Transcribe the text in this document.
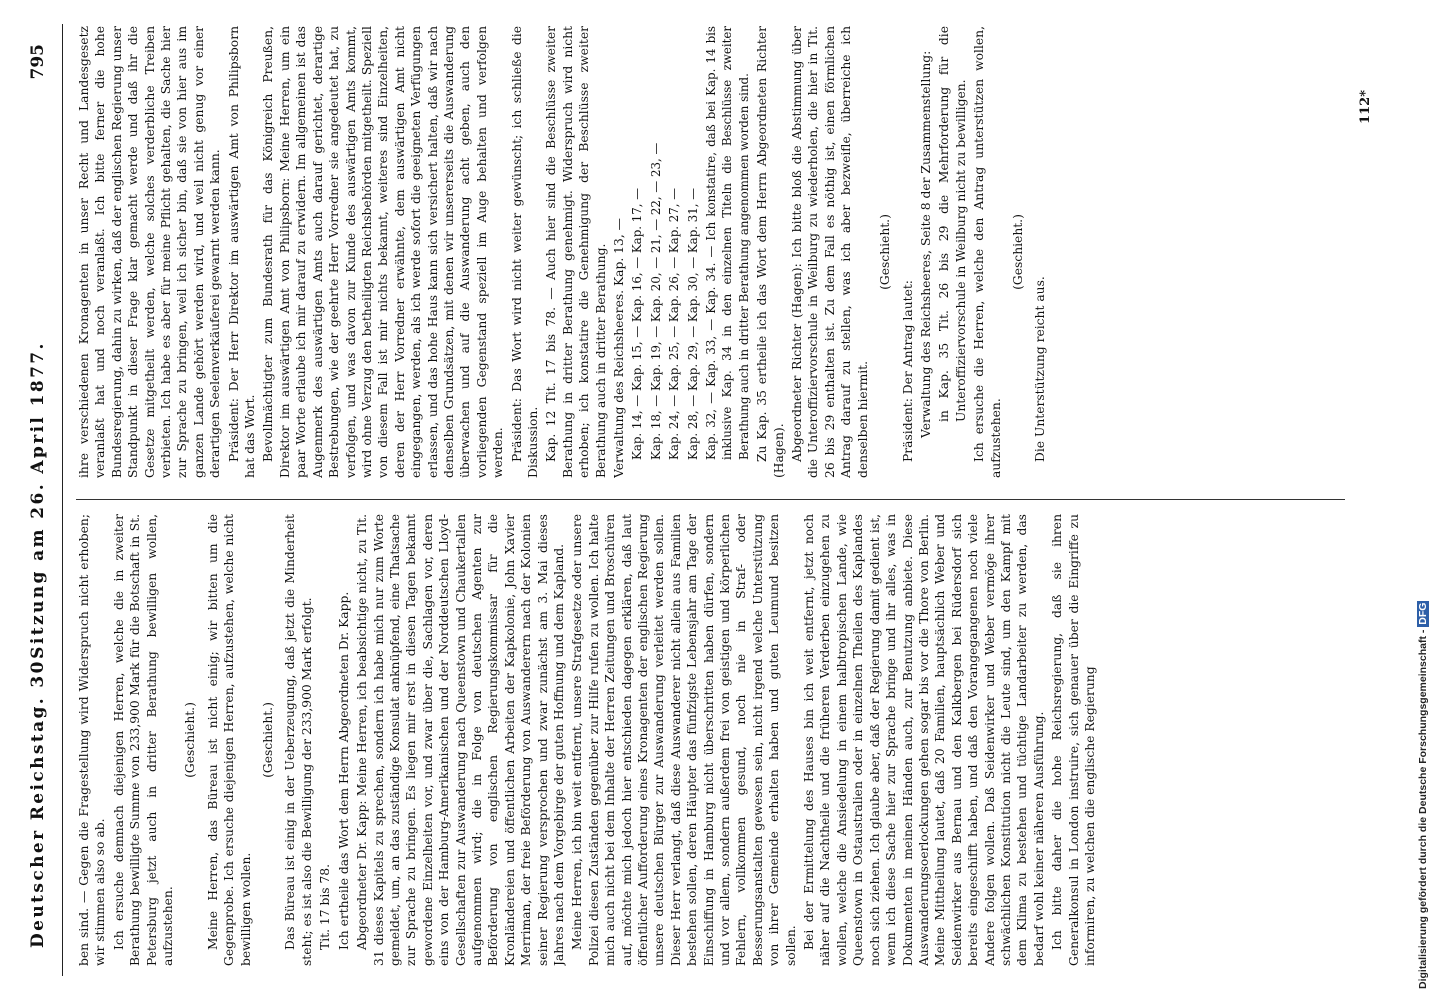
Deutscher Reichstag. 30.
Sitzung am 26. April 1877.
795

ben sind. — Gegen die Fragestellung wird Widerspruch nicht erhoben; wir stimmen also so ab. Ich ersuche demnach diejenigen Herren, welche die in zweiter Berathung bewilligte Summe von 233,900 Mark für die Botschaft in St. Petersburg jetzt auch in dritter Berathung bewilligen wollen, aufzustehen.

(Geschieht.) Meine Herren, das Büreau ist nicht einig; wir bitten um die Gegenprobe. Ich ersuche diejenigen Herren, aufzustehen, welche nicht bewilligen wollen.

(Geschieht.) Das Büreau ist einig in der Ueberzeugung, daß jetzt die Minderheit steht; es ist also die Bewilligung der 233,900 Mark erfolgt. Tit. 17 bis 78. Ich ertheile das Wort dem Herrn Abgeordneten Dr. Kapp. Abgeordneter Dr. Kapp: Meine Herren, ich beabsichtige nicht, zu Tit. 31 dieses Kapitels zu sprechen, sondern ich habe mich nur zum Worte gemeldet, um, an das zuständige Konsulat anknüpfend, eine Thatsache zur Sprache zu bringen. Es liegen mir erst in diesen Tagen bekannt gewordene Einzelheiten vor, und zwar über die, Sachlagen vor, deren eins von der Hamburg-Amerikanischen und der Norddeutschen Lloyd-Gesellschaften zur Auswanderung nach Queenstown und Chaukertallen aufgenommen wird; die in Folge von deutschen Agenten zur Beförderung von englischen Regierungskommissar für die Kronländereien und öffentlichen Arbeiten der Kapkolonie, John Xavier Merriman, der freie Beförderung von Auswanderern nach der Kolonien seiner Regierung versprochen und zwar zunächst am 3. Mai dieses Jahres nach dem Vorgebirge der guten Hoffnung und dem Kapland. Meine Herren, ich bin weit entfernt, unsere Strafgesetze oder unsere Polizei diesen Zuständen gegenüber zur Hilfe rufen zu wollen. Ich halte mich auch nicht bei dem Inhalte der Herren Zeitungen und Broschüren auf, möchte mich jedoch hier entschieden dagegen erklären, daß laut öffentlicher Aufforderung eines Kronagenten der englischen Regierung unsere deutschen Bürger zur Auswanderung verleitet werden sollen. Dieser Herr verlangt, daß diese Auswanderer nicht allein aus Familien bestehen sollen, deren Häupter das fünfzigste Lebensjahr am Tage der Einschiffung in Hamburg nicht überschritten haben dürfen, sondern und vor allem, sondern außerdem frei von geistigen und körperlichen Fehlern, vollkommen gesund, noch nie in Straf- oder Besserungsanstalten gewesen sein, nicht irgend welche Unterstützung von ihrer Gemeinde erhalten haben und guten Leumund besitzen sollen. Bei der Ermittelung des Hauses bin ich weit entfernt, jetzt noch näher auf die Nachtheile und die früheren Verderben einzugehen zu wollen, welche die Ansiedelung in einem halbtropischen Lande, wie Queenstown in Ostaustralien oder in einzelnen Theilen des Kaplandes noch sich ziehen. Ich glaube aber, daß der Regierung damit gedient ist, wenn ich diese Sache hier zur Sprache bringe und ihr alles, was in Dokumenten in meinen Händen auch, zur Benutzung anbiete. Diese Auswanderungsoerlockungen gehen sogar bis vor die Thore von Berlin. Meine Mittheilung lautet, daß 20 Familien, hauptsächlich Weber und Seidenwirker aus Bernau und den Kalkbergen bei Rüdersdorf sich bereits eingeschifft haben, und daß den Vorangegangenen noch viele Andere folgen wollen. Daß Seidenwirker und Weber vermöge ihrer schwächlichen Konstitution nicht die Leute sind, um den Kampf mit dem Klima zu bestehen und tüchtige Landarbeiter zu werden, das bedarf wohl keiner näheren Ausführung. Ich bitte daher die hohe Reichsregierung, daß sie ihren Generalkonsul in London instruire, sich genauer über die Eingriffe zu informiren, zu welchen die englische Regierung

ihre verschiedenen Kronagenten in unser Recht und Landesgesetz veranlaßt hat und noch veranlaßt. Ich bitte ferner die hohe Bundesregierung, dahin zu wirken, daß der englischen Regierung unser Standpunkt in dieser Frage klar gemacht werde und daß ihr die Gesetze mitgetheilt werden, welche solches verderbliche Treiben verbieten. Ich habe es aber für meine Pflicht gehalten, die Sache hier zur Sprache zu bringen, weil ich sicher bin, daß sie von hier aus im ganzen Lande gehört werden wird, und weil nicht genug vor einer derartigen Seelenverkäuferei gewarnt werden kann. Präsident: Der Herr Direktor im auswärtigen Amt von Philipsborn hat das Wort. Bevollmächtigter zum Bundesrath für das Königreich Preußen, Direktor im auswärtigen Amt von Philipsborn: Meine Herren, um ein paar Worte erlaube ich mir darauf zu erwidern. Im allgemeinen ist das Augenmerk des auswärtigen Amts auch darauf gerichtet, derartige Bestrebungen, wie der geehrte Herr Vorredner sie angedeutet hat, zu verfolgen, und was davon zur Kunde des auswärtigen Amts kommt, wird ohne Verzug den betheiligten Reichsbehörden mitgetheilt. Speziell von diesem Fall ist mir nichts bekannt, weiteres sind Einzelheiten, deren der Herr Vorredner erwähnte, dem auswärtigen Amt nicht eingegangen, werden, als ich werde sofort die geeigneten Verfügungen erlassen, und das hohe Haus kann sich versichert halten, daß wir nach denselben Grundsätzen, mit denen wir unsererseits die Auswanderung überwachen und auf die Auswanderung acht geben, auch den vorliegenden Gegenstand speziell im Auge behalten und verfolgen werden. Präsident: Das Wort wird nicht weiter gewünscht; ich schließe die Diskussion. Kap. 12 Tit. 17 bis 78. — Auch hier sind die Beschlüsse zweiter Berathung in dritter Berathung genehmigt. Widerspruch wird nicht erhoben; ich konstatire die Genehmigung der Beschlüsse zweiter Berathung auch in dritter Berathung. Verwaltung des Reichsheeres. Kap. 13, — Kap. 14, — Kap. 15, — Kap. 16, — Kap. 17, — Kap. 18, — Kap. 19, — Kap. 20, — 21, — 22, — 23, — Kap. 24, — Kap. 25, — Kap. 26, — Kap. 27, — Kap. 28, — Kap. 29, — Kap. 30, — Kap. 31, — Kap. 32, — Kap. 33, — Kap. 34. — Ich konstatire, daß bei Kap. 14 bis inklusive Kap. 34 in den einzelnen Titeln die Beschlüsse zweiter Berathung auch in dritter Berathung angenommen worden sind. Zu Kap. 35 ertheile ich das Wort dem Herrn Abgeordneten Richter (Hagen). Abgeordneter Richter (Hagen): Ich bitte bloß die Abstimmung über die Unteroffiziervorschule in Weilburg zu wiederholen, die hier in Tit. 26 bis 29 enthalten ist. Zu dem Fall es nöthig ist, einen förmlichen Antrag darauf zu stellen, was ich aber bezweifle, überreiche ich denselben hiermit.

(Geschieht.)

Präsident: Der Antrag lautet: Verwaltung des Reichsheeres, Seite 8 der Zusammenstellung: in Kap. 35 Tit. 26 bis 29 die Mehrforderung für die Unteroffiziervorschule in Weilburg nicht zu bewilligen. Ich ersuche die Herren, welche den Antrag unterstützen wollen, aufzustehen.

(Geschieht.)

Die Unterstützung reicht aus.

112*
Digitalisierung gefördert durch die Deutsche Forschungsgemeinschaft - DFG
